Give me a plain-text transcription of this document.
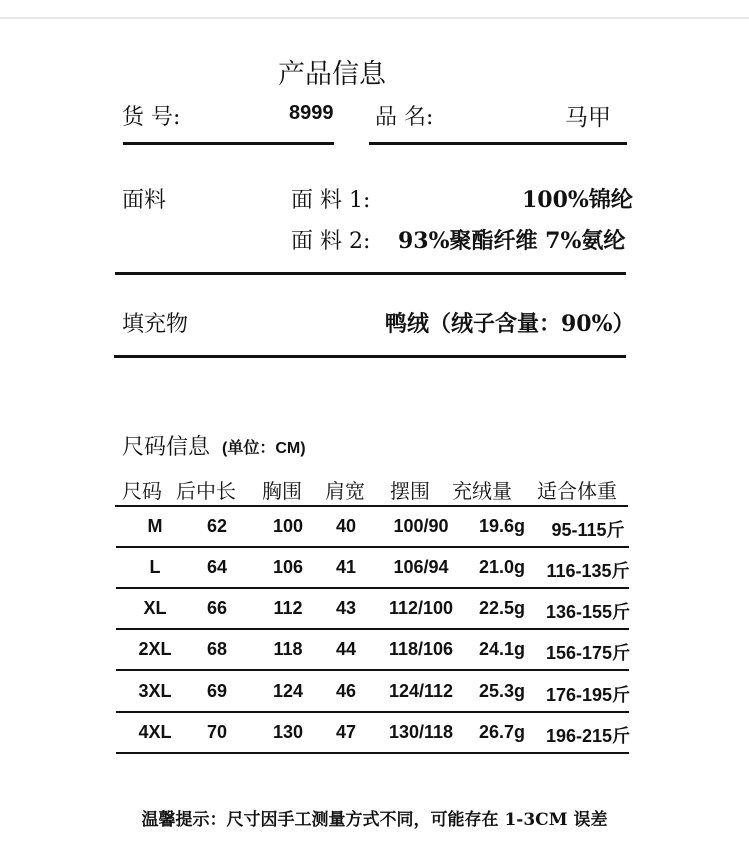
产品信息
货 号:	8999 品 名:	马甲
面料	面 料 1:	100%锦纶
面 料 2: 93%聚酯纤维 7%氨纶
填充物	鸭绒（绒子含量：90%）
尺码信息 (单位：CM)
尺码 后中长 胸围 肩宽 摆围 充绒量 适合体重
M	62	100	40	100/90	19.6g	95-115斤
L	64	106	41	106/94	21.0g	116-135斤
XL	66	112	43	112/100	22.5g	136-155斤
2XL	68	118	44	118/106	24.1g	156-175斤
3XL	69	124	46	124/112	25.3g	176-195斤
4XL	70	130	47	130/118	26.7g	196-215斤
温馨提示：尺寸因手工测量方式不同，可能存在 1-3CM 误差
